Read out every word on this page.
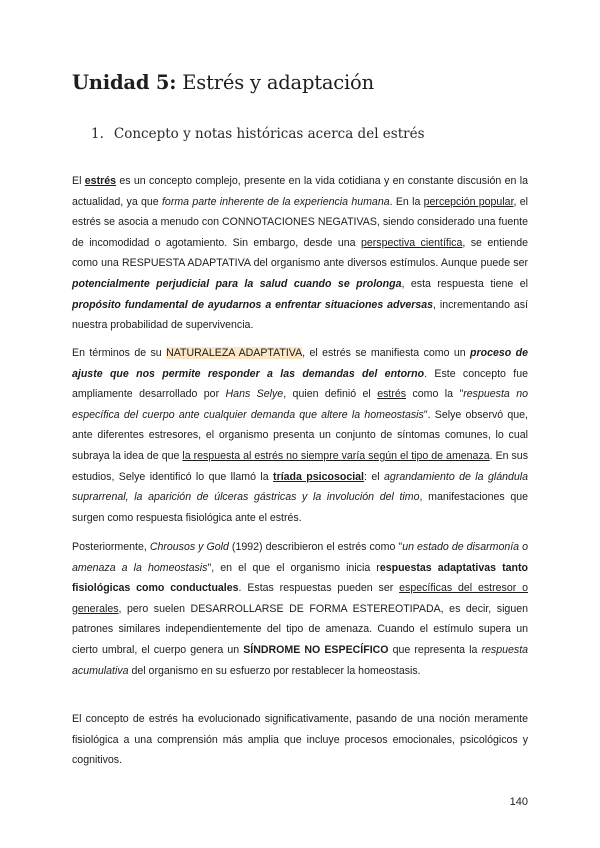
Unidad 5: Estrés y adaptación
1. Concepto y notas históricas acerca del estrés

El estrés es un concepto complejo, presente en la vida cotidiana y en constante discusión en la actualidad, ya que forma parte inherente de la experiencia humana. En la percepción popular, el estrés se asocia a menudo con CONNOTACIONES NEGATIVAS, siendo considerado una fuente de incomodidad o agotamiento. Sin embargo, desde una perspectiva científica, se entiende como una RESPUESTA ADAPTATIVA del organismo ante diversos estímulos. Aunque puede ser potencialmente perjudicial para la salud cuando se prolonga, esta respuesta tiene el propósito fundamental de ayudarnos a enfrentar situaciones adversas, incrementando así nuestra probabilidad de supervivencia.

En términos de su NATURALEZA ADAPTATIVA, el estrés se manifiesta como un proceso de ajuste que nos permite responder a las demandas del entorno. Este concepto fue ampliamente desarrollado por Hans Selye, quien definió el estrés como la "respuesta no específica del cuerpo ante cualquier demanda que altere la homeostasis". Selye observó que, ante diferentes estresores, el organismo presenta un conjunto de síntomas comunes, lo cual subraya la idea de que la respuesta al estrés no siempre varía según el tipo de amenaza. En sus estudios, Selye identificó lo que llamó la tríada psicosocial: el agrandamiento de la glándula suprarrenal, la aparición de úlceras gástricas y la involución del timo, manifestaciones que surgen como respuesta fisiológica ante el estrés.

Posteriormente, Chrousos y Gold (1992) describieron el estrés como "un estado de disarmonía o amenaza a la homeostasis", en el que el organismo inicia respuestas adaptativas tanto fisiológicas como conductuales. Estas respuestas pueden ser específicas del estresor o generales, pero suelen DESARROLLARSE DE FORMA ESTEREOTIPADA, es decir, siguen patrones similares independientemente del tipo de amenaza. Cuando el estímulo supera un cierto umbral, el cuerpo genera un SÍNDROME NO ESPECÍFICO que representa la respuesta acumulativa del organismo en su esfuerzo por restablecer la homeostasis.

El concepto de estrés ha evolucionado significativamente, pasando de una noción meramente fisiológica a una comprensión más amplia que incluye procesos emocionales, psicológicos y cognitivos.

140
